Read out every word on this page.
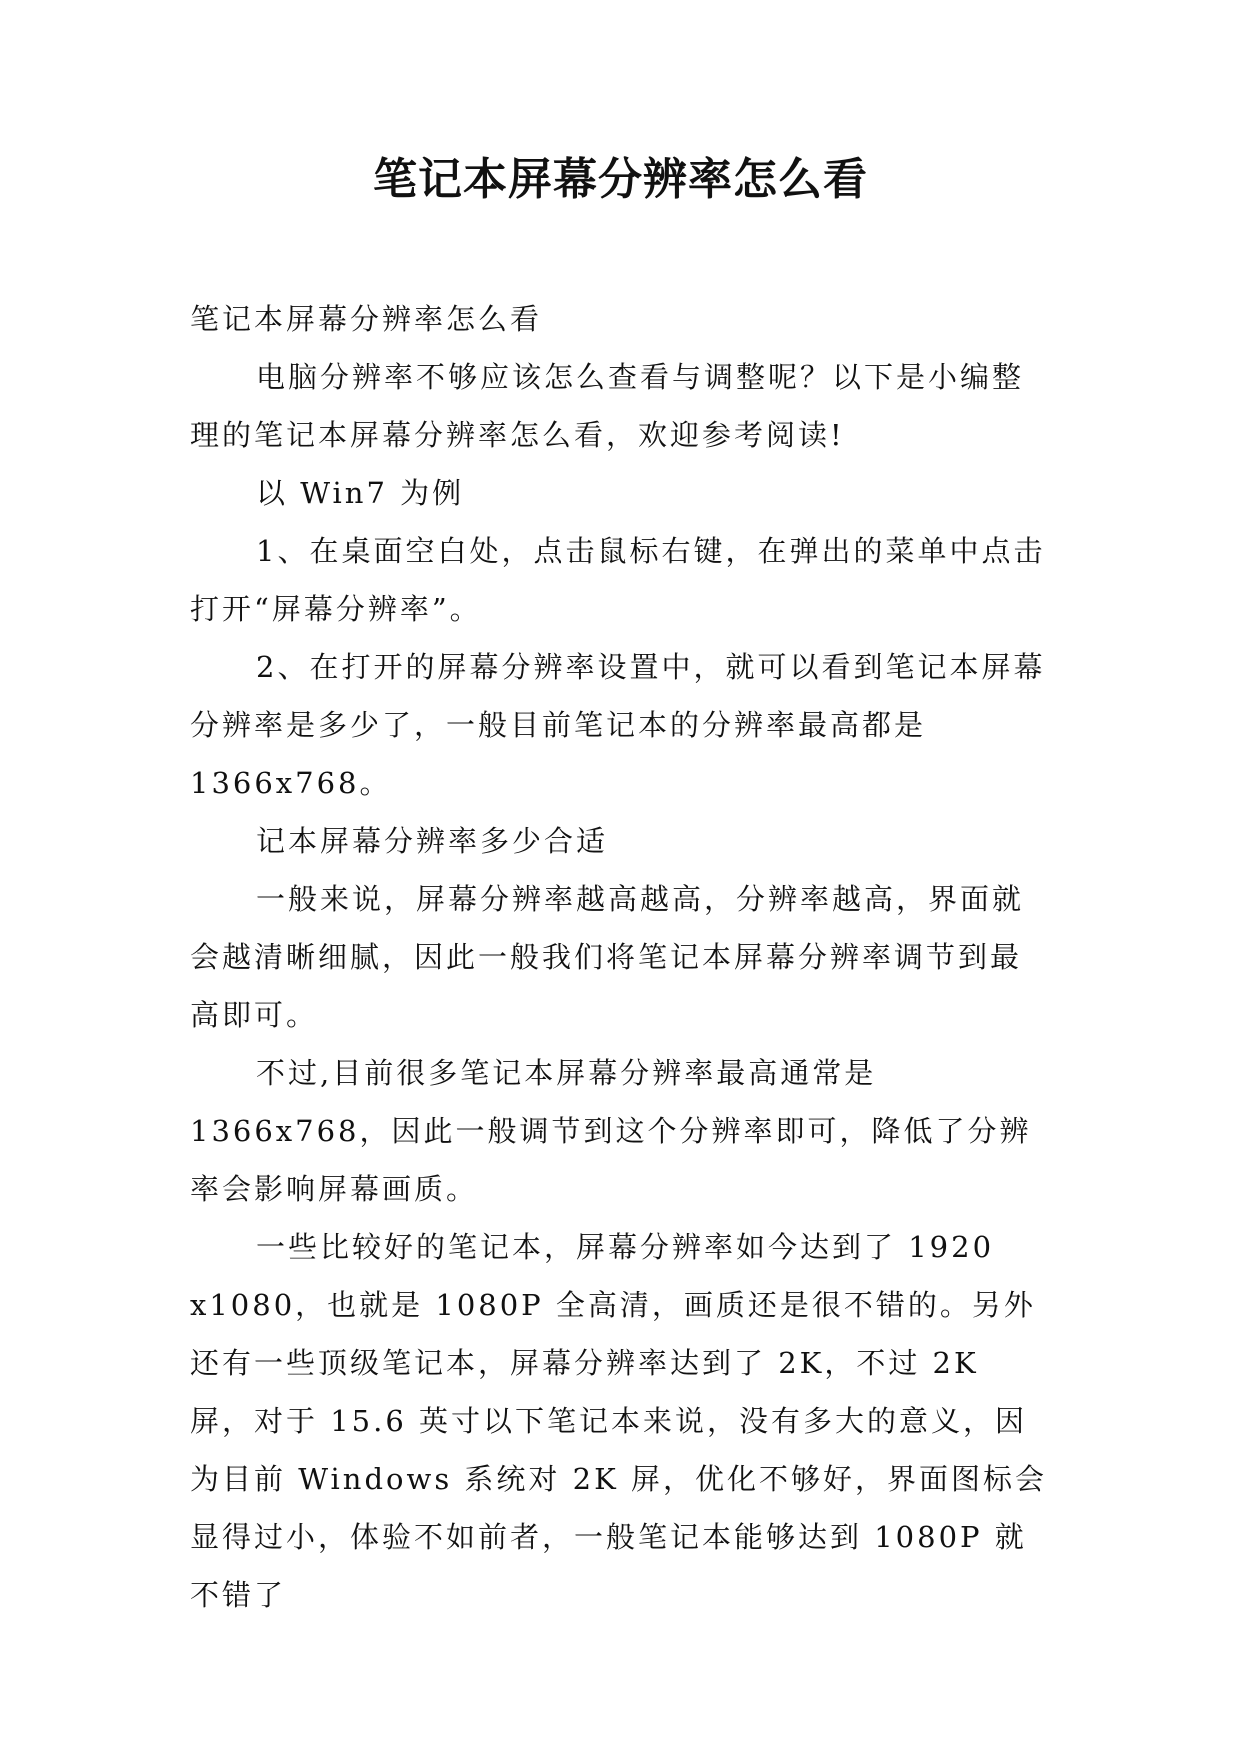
笔记本屏幕分辨率怎么看

笔记本屏幕分辨率怎么看

电脑分辨率不够应该怎么查看与调整呢？以下是小编整理的笔记本屏幕分辨率怎么看，欢迎参考阅读!

以 Win7 为例

1、在桌面空白处，点击鼠标右键，在弹出的菜单中点击打开“屏幕分辨率”。

2、在打开的屏幕分辨率设置中，就可以看到笔记本屏幕分辨率是多少了，一般目前笔记本的分辨率最高都是 1366x768。

记本屏幕分辨率多少合适

一般来说，屏幕分辨率越高越高，分辨率越高，界面就会越清晰细腻，因此一般我们将笔记本屏幕分辨率调节到最高即可。

不过,目前很多笔记本屏幕分辨率最高通常是1366x768，因此一般调节到这个分辨率即可，降低了分辨率会影响屏幕画质。

一些比较好的笔记本，屏幕分辨率如今达到了 1920 x1080，也就是 1080P 全高清，画质还是很不错的。另外还有一些顶级笔记本，屏幕分辨率达到了 2K，不过 2K 屏，对于 15.6 英寸以下笔记本来说，没有多大的意义，因为目前 Windows 系统对 2K 屏，优化不够好，界面图标会显得过小，体验不如前者，一般笔记本能够达到 1080P 就不错了
